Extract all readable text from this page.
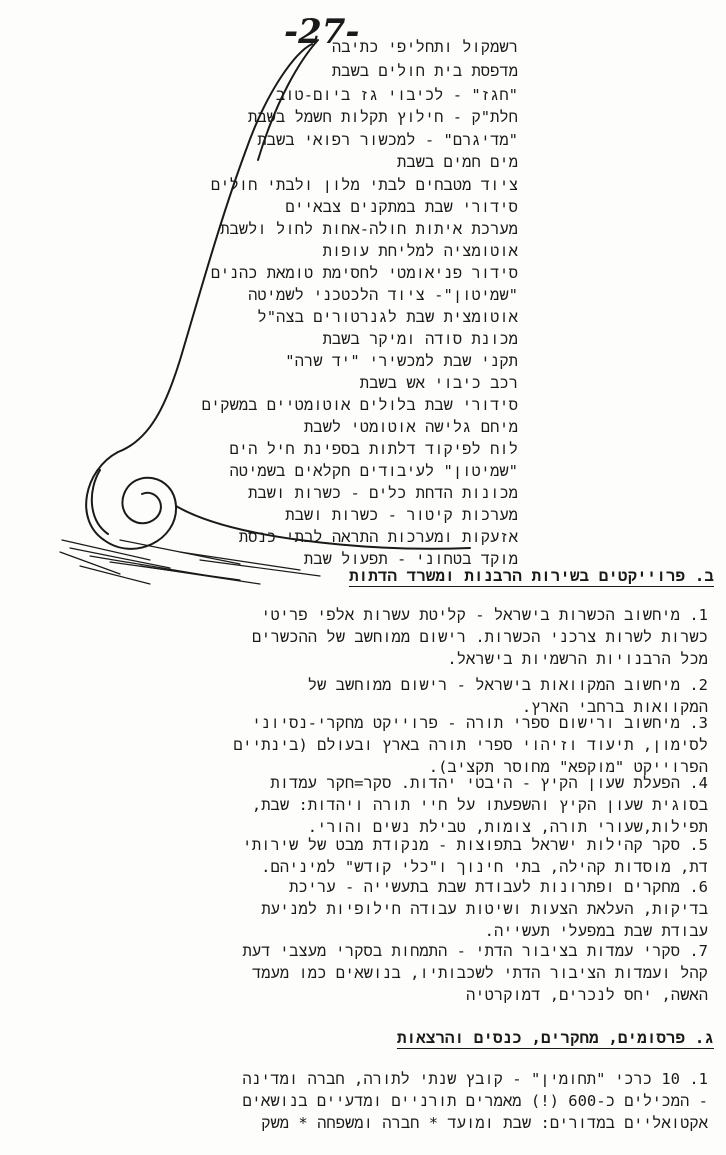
-27-
רשמקול ותחליפי כתיבה
מדפסת בית חולים בשבת
"חגז" - לכיבוי גז ביום-טוב
חלת"ק - חילוץ תקלות חשמל בשבת
"מדיגרם" - למכשור רפואי בשבת
מים חמים בשבת
ציוד מטבחים לבתי מלון ולבתי חולים
סידורי שבת במתקנים צבאיים
מערכת איתות חולה-אחות לחול ולשבת
אוטומציה למליחת עופות
סידור פניאומטי לחסימת טומאת כהנים
"שמיטון"- ציוד הלכטכני לשמיטה
אוטומצית שבת לגנרטורים בצה"ל
מכונת סודה ומיקר בשבת
תקני שבת למכשירי "יד שרה"
רכב כיבוי אש בשבת
סידורי שבת בלולים אוטומטיים במשקים
מיחם גלישה אוטומטי לשבת
לוח לפיקוד דלתות בספינת חיל הים
"שמיטון" לעיבודים חקלאים בשמיטה
מכונות הדחת כלים - כשרות ושבת
מערכות קיטור - כשרות ושבת
אזעקות ומערכות התראה לבתי כנסת
מוקד בטחוני - תפעול שבת
ב. פרוייקטים בשירות הרבנות ומשרד הדתות
1. מיחשוב הכשרות בישראל - קליטת עשרות אלפי פריטי
כשרות לשרות צרכני הכשרות. רישום ממוחשב של ההכשרים
מכל הרבנויות הרשמיות בישראל.
2. מיחשוב המקוואות בישראל - רישום ממוחשב של
המקוואות ברחבי הארץ.
3. מיחשוב ורישום ספרי תורה - פרוייקט מחקרי-נסיוני
לסימון, תיעוד וזיהוי ספרי תורה בארץ ובעולם (בינתיים
הפרוייקט "מוקפא" מחוסר תקציב).
4. הפעלת שעון הקיץ - היבטי יהדות. סקר=חקר עמדות
בסוגית שעון הקיץ והשפעתו על חיי תורה ויהדות: שבת,
תפילות,שעורי תורה, צומות, טבילת נשים והורי.
5. סקר קהילות ישראל בתפוצות - מנקודת מבט של שירותי
דת, מוסדות קהילה, בתי חינוך ו"כלי קודש" למיניהם.
6. מחקרים ופתרונות לעבודת שבת בתעשייה - עריכת
בדיקות, העלאת הצעות ושיטות עבודה חילופיות למניעת
עבודת שבת במפעלי תעשייה.
7. סקרי עמדות בציבור הדתי - התמחות בסקרי מעצבי דעת
קהל ועמדות הציבור הדתי לשכבותיו, בנושאים כמו מעמד
האשה, יחס לנכרים, דמוקרטיה
ג. פרסומים, מחקרים, כנסים והרצאות
1. 10 כרכי "תחומין" - קובץ שנתי לתורה, חברה ומדינה
- המכילים כ-600 (!) מאמרים תורניים ומדעיים בנושאים
אקטואליים במדורים: שבת ומועד * חברה ומשפחה * משק
